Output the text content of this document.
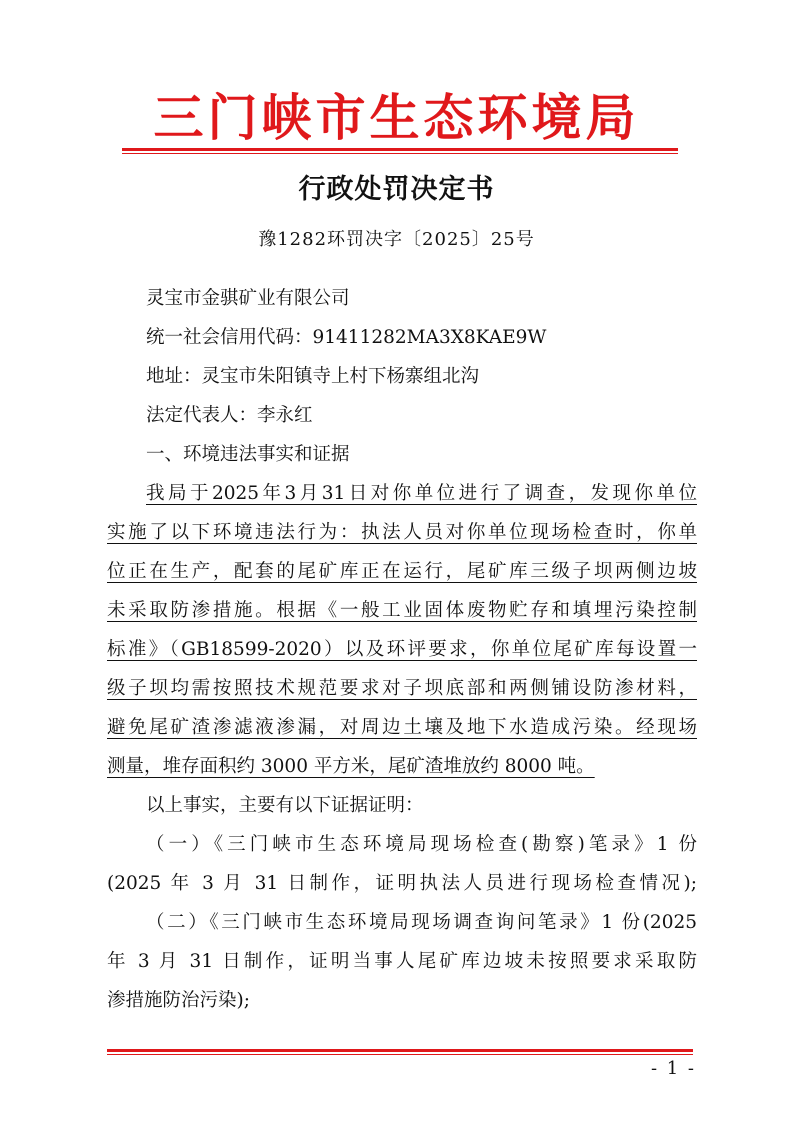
三门峡市生态环境局
行政处罚决定书
豫1282环罚决字〔2025〕25号
灵宝市金骐矿业有限公司
统一社会信用代码：91411282MA3X8KAE9W
地址：灵宝市朱阳镇寺上村下杨寨组北沟
法定代表人：李永红
一、环境违法事实和证据
我局于2025年3月31日对你单位进行了调查，发现你单位
实施了以下环境违法行为：执法人员对你单位现场检查时，你单
位正在生产，配套的尾矿库正在运行，尾矿库三级子坝两侧边坡
未采取防渗措施。根据《一般工业固体废物贮存和填埋污染控制
标准》（GB18599-2020）以及环评要求，你单位尾矿库每设置一
级子坝均需按照技术规范要求对子坝底部和两侧铺设防渗材料，
避免尾矿渣渗滤液渗漏，对周边土壤及地下水造成污染。经现场
测量，堆存面积约 3000 平方米，尾矿渣堆放约 8000 吨。
以上事实，主要有以下证据证明：
（一）《三门峡市生态环境局现场检查(勘察)笔录》1 份
(2025 年 3 月 31 日制作，证明执法人员进行现场检查情况);
（二）《三门峡市生态环境局现场调查询问笔录》1 份(2025
年 3 月 31 日制作，证明当事人尾矿库边坡未按照要求采取防
渗措施防治污染);
- 1 -
